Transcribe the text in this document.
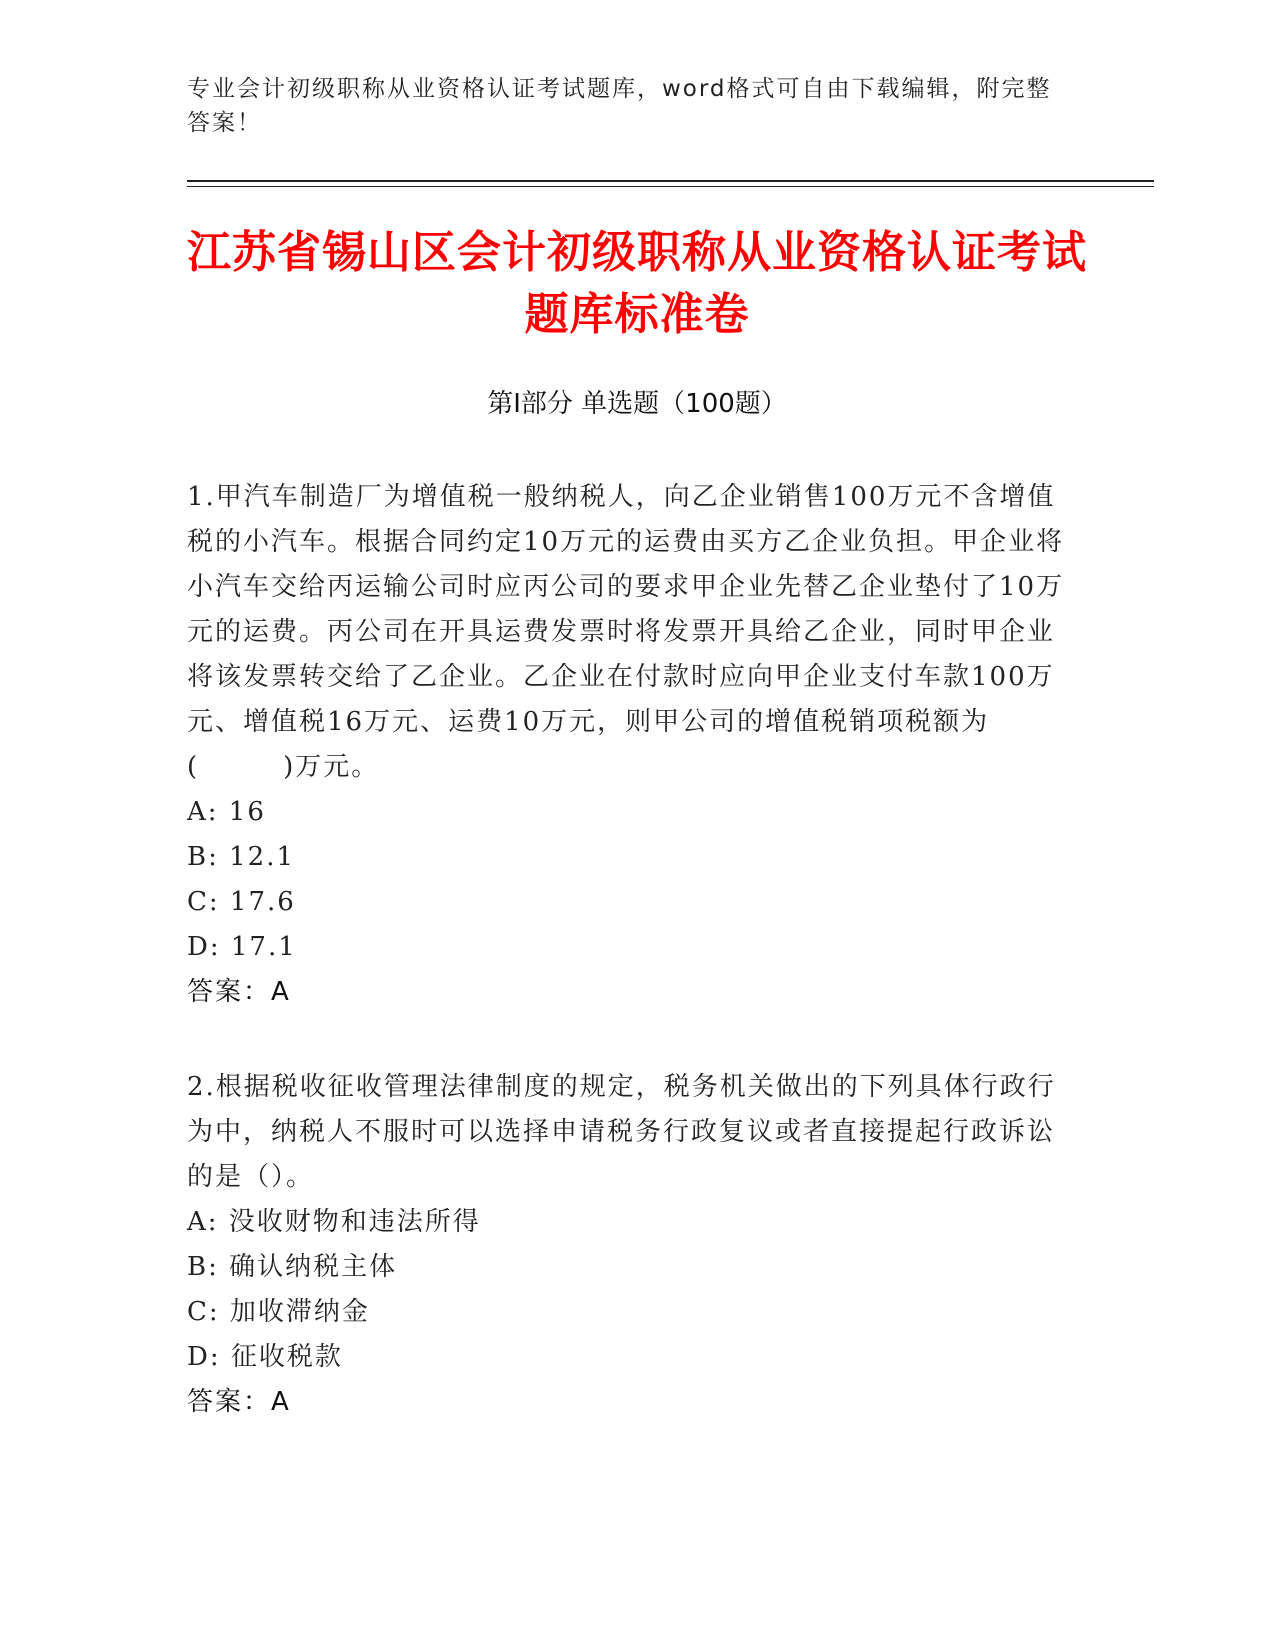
专业会计初级职称从业资格认证考试题库，word格式可自由下载编辑，附完整答案！
江苏省锡山区会计初级职称从业资格认证考试题库标准卷
第Ⅰ部分 单选题（100题）

1.甲汽车制造厂为增值税一般纳税人，向乙企业销售100万元不含增值税的小汽车。根据合同约定10万元的运费由买方乙企业负担。甲企业将小汽车交给丙运输公司时应丙公司的要求甲企业先替乙企业垫付了10万元的运费。丙公司在开具运费发票时将发票开具给乙企业，同时甲企业将该发票转交给了乙企业。乙企业在付款时应向甲企业支付车款100万元、增值税16万元、运费10万元，则甲公司的增值税销项税额为(　　　)万元。

A: 16

B: 12.1

C: 17.6

D: 17.1

答案：A

2.根据税收征收管理法律制度的规定，税务机关做出的下列具体行政行为中，纳税人不服时可以选择申请税务行政复议或者直接提起行政诉讼的是（）。

A: 没收财物和违法所得

B: 确认纳税主体

C: 加收滞纳金

D: 征收税款

答案：A
